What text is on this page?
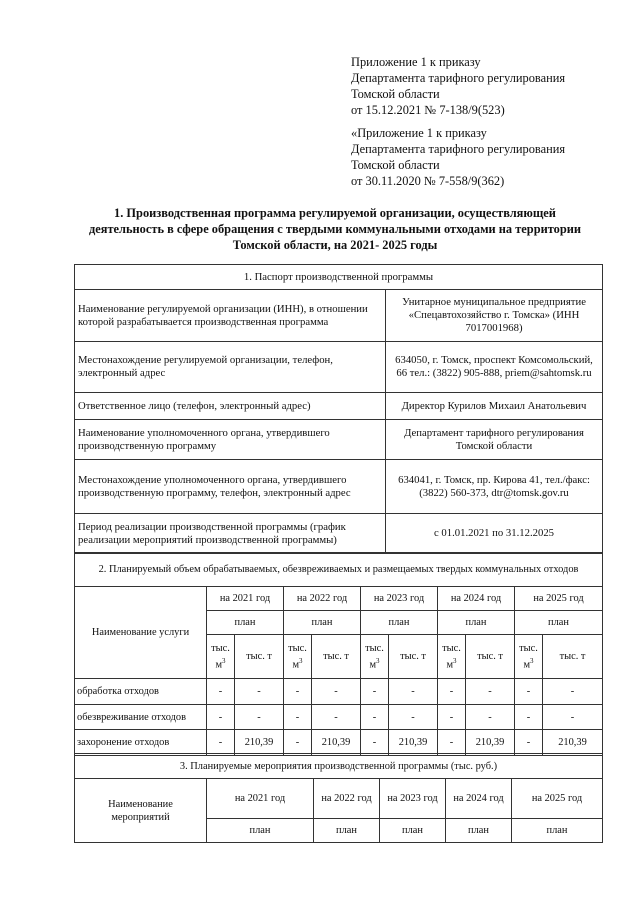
Приложение 1 к приказу
Департамента тарифного регулирования
Томской области
от 15.12.2021 № 7-138/9(523)
«Приложение 1 к приказу
Департамента тарифного регулирования
Томской области
от 30.11.2020 № 7-558/9(362)
1. Производственная программа регулируемой организации, осуществляющей
деятельность в сфере обращения с твердыми коммунальными отходами на территории
Томской области, на 2021- 2025 годы
1. Паспорт производственной программы	
Наименование регулируемой организации (ИНН), в отношении которой разрабатывается производственная программа	Унитарное муниципальное предприятие «Спецавтохозяйство г. Томска» (ИНН 7017001968)
Местонахождение регулируемой организации, телефон, электронный адрес	634050, г. Томск, проспект Комсомольский, 66 тел.: (3822) 905-888, priem@sahtomsk.ru
Ответственное лицо (телефон, электронный адрес)	Директор Курилов Михаил Анатольевич
Наименование уполномоченного органа, утвердившего производственную программу	Департамент тарифного регулирования Томской области
Местонахождение уполномоченного органа, утвердившего производственную программу, телефон, электронный адрес	634041, г. Томск, пр. Кирова 41, тел./факс: (3822) 560-373, dtr@tomsk.gov.ru
Период реализации производственной программы (график реализации мероприятий производственной программы)	с 01.01.2021 по 31.12.2025
2. Планируемый объем обрабатываемых, обезвреживаемых и размещаемых твердых коммунальных отходов										
Наименование услуги	на 2021 год		на 2022 год		на 2023 год		на 2024 год		на 2025 год	
	план		план		план		план		план	
	тыс. $м^3$	тыс. т	тыс. $м^3$	тыс. т	тыс. $м^3$	тыс. т	тыс. $м^3$	тыс. т	тыс. $м^3$	тыс. т
обработка отходов	-	-	-	-	-	-	-	-	-	-
обезвреживание отходов	-	-	-	-	-	-	-	-	-	-
захоронение отходов	-	210,39	-	210,39	-	210,39	-	210,39	-	210,39
3. Планируемые мероприятия производственной программы (тыс. руб.)					
Наименование мероприятий	на 2021 год	на 2022 год	на 2023 год	на 2024 год	на 2025 год
	план	план	план	план	план
